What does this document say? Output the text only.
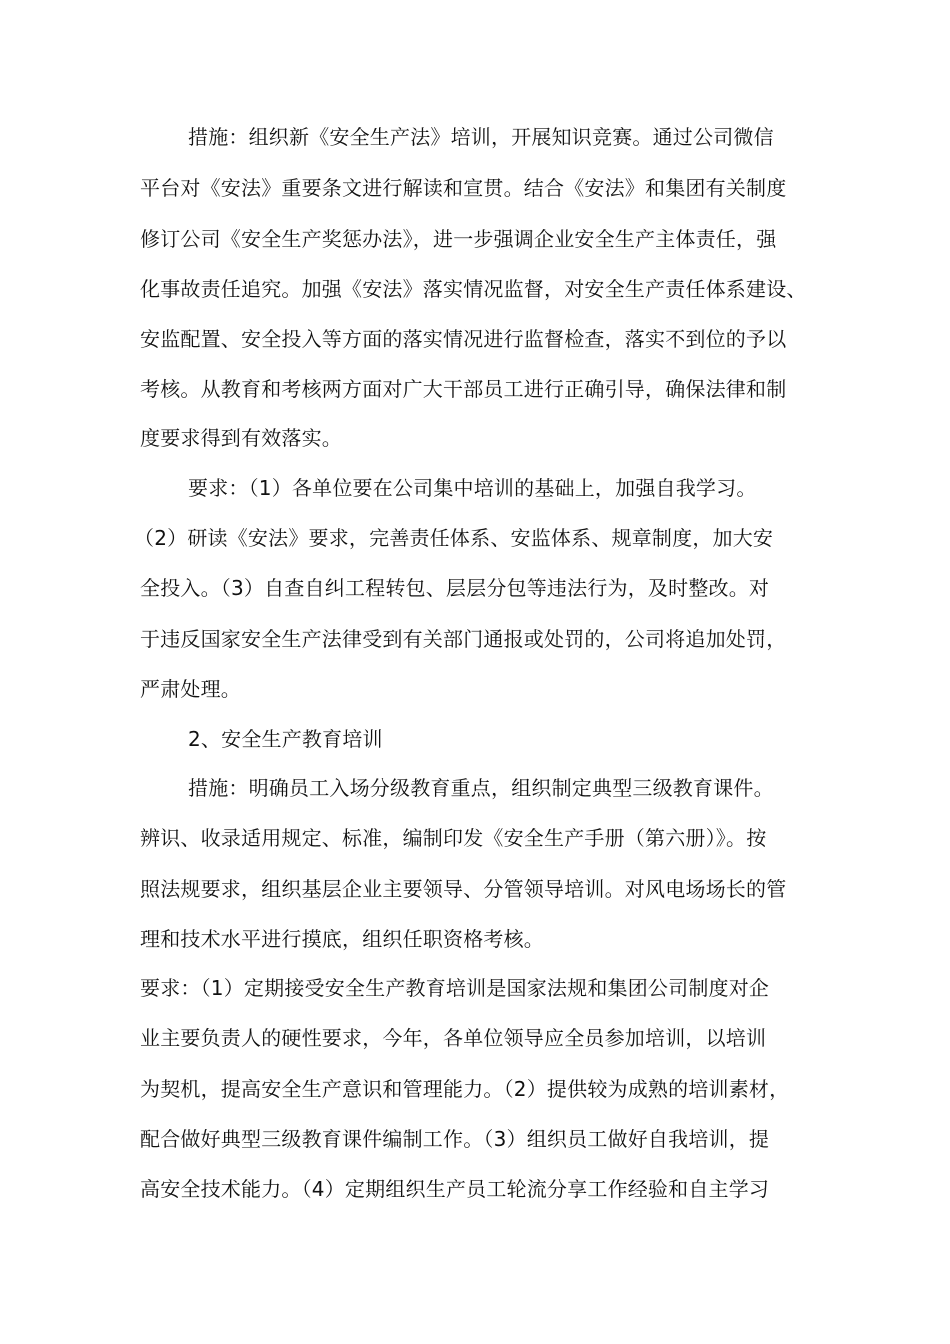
措施：组织新《安全生产法》培训，开展知识竞赛。通过公司微信
平台对《安法》重要条文进行解读和宣贯。结合《安法》和集团有关制度
修订公司《安全生产奖惩办法》，进一步强调企业安全生产主体责任，强
化事故责任追究。加强《安法》落实情况监督，对安全生产责任体系建设、
安监配置、安全投入等方面的落实情况进行监督检查，落实不到位的予以
考核。从教育和考核两方面对广大干部员工进行正确引导，确保法律和制
度要求得到有效落实。
要求：（1）各单位要在公司集中培训的基础上，加强自我学习。
（2）研读《安法》要求，完善责任体系、安监体系、规章制度，加大安
全投入。（3）自查自纠工程转包、层层分包等违法行为，及时整改。对
于违反国家安全生产法律受到有关部门通报或处罚的，公司将追加处罚，
严肃处理。
2、安全生产教育培训
措施：明确员工入场分级教育重点，组织制定典型三级教育课件。
辨识、收录适用规定、标准，编制印发《安全生产手册（第六册）》。按
照法规要求，组织基层企业主要领导、分管领导培训。对风电场场长的管
理和技术水平进行摸底，组织任职资格考核。
要求：（1）定期接受安全生产教育培训是国家法规和集团公司制度对企
业主要负责人的硬性要求，今年，各单位领导应全员参加培训，以培训
为契机，提高安全生产意识和管理能力。（2）提供较为成熟的培训素材，
配合做好典型三级教育课件编制工作。（3）组织员工做好自我培训，提
高安全技术能力。（4）定期组织生产员工轮流分享工作经验和自主学习
